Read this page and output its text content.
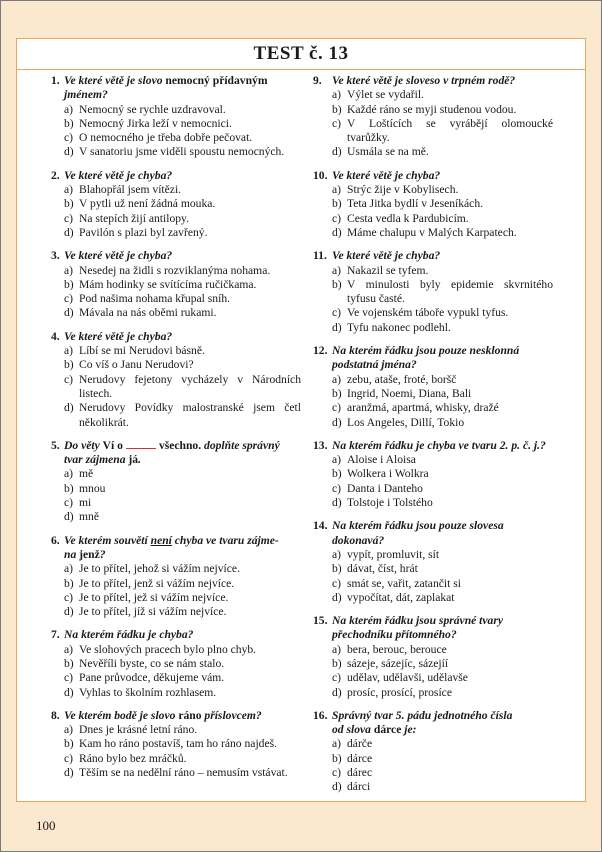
TEST č. 13
1. Ve které větě je slovo nemocný přídavným
jménem?
a) Nemocný se rychle uzdravoval.
b) Nemocný Jirka leží v nemocnici.
c) O nemocného je třeba dobře pečovat.
d) V sanatoriu jsme viděli spoustu nemocných.
2. Ve které větě je chyba?
a) Blahopřál jsem vítězi.
b) V pytli už není žádná mouka.
c) Na stepích žijí antilopy.
d) Pavilón s plazi byl zavřený.
3. Ve které větě je chyba?
a) Nesedej na židli s rozviklanýma nohama.
b) Mám hodinky se svítícíma ručičkama.
c) Pod našima nohama křupal sníh.
d) Mávala na nás oběmi rukami.
4. Ve které větě je chyba?
a) Líbí se mi Nerudovi básně.
b) Co víš o Janu Nerudovi?
c) Nerudovy fejetony vycházely v Národních listech.
d) Nerudovy Povídky malostranské jsem četl několikrát.
5. Do věty Ví o	všechno. doplňte správný
tvar zájmena já.
a) mě
b) mnou
c) mi
d) mně
6. Ve kterém souvětí není chyba ve tvaru zájme-
na jenž?
a) Je to přítel, jehož si vážím nejvíce.
b) Je to přítel, jenž si vážím nejvíce.
c) Je to přítel, jež si vážím nejvíce.
d) Je to přítel, jíž si vážím nejvíce.
7. Na kterém řádku je chyba?
a) Ve slohových pracech bylo plno chyb.
b) Nevěříli byste, co se nám stalo.
c) Pane průvodce, děkujeme vám.
d) Vyhlas to školním rozhlasem.
8. Ve kterém bodě je slovo ráno příslovcem?
a) Dnes je krásné letní ráno.
b) Kam ho ráno postavíš, tam ho ráno najdeš.
c) Ráno bylo bez mráčků.
d) Těším se na nedělní ráno – nemusím vstávat.
9. Ve které větě je sloveso v trpném rodě?
a) Výlet se vydařil.
b) Každé ráno se myji studenou vodou.
c) V Loštících se vyrábějí olomoucké tvarůžky.
d) Usmála se na mě.
10. Ve které větě je chyba?
a) Strýc žije v Kobylisech.
b) Teta Jitka bydlí v Jeseníkách.
c) Cesta vedla k Pardubicím.
d) Máme chalupu v Malých Karpatech.
11. Ve které větě je chyba?
a) Nakazil se tyfem.
b) V minulosti byly epidemie skvrnitého tyfusu časté.
c) Ve vojenském táboře vypukl tyfus.
d) Tyfu nakonec podlehl.
12. Na kterém řádku jsou pouze nesklonná podstatná jména?
a) zebu, ataše, froté, boršč
b) Ingrid, Noemi, Diana, Bali
c) aranžmá, apartmá, whisky, dražé
d) Los Angeles, Dillí, Tokio
13. Na kterém řádku je chyba ve tvaru 2. p. č. j.?
a) Aloise i Aloisa
b) Wolkera i Wolkra
c) Danta i Danteho
d) Tolstoje i Tolstého
14. Na kterém řádku jsou pouze slovesa dokonavá?
a) vypít, promluvit, sít
b) dávat, číst, hrát
c) smát se, vařit, zatančit si
d) vypočítat, dát, zaplakat
15. Na kterém řádku jsou správné tvary přechodníku přítomného?
a) bera, berouc, berouce
b) sázeje, sázejíc, sázejíí
c) udělav, udělavši, udělavše
d) prosíc, prosící, prosíce
16. Správný tvar 5. pádu jednotného čísla
od slova dárce je:
a) dárče
b) dárce
c) dárec
d) dárci
100
